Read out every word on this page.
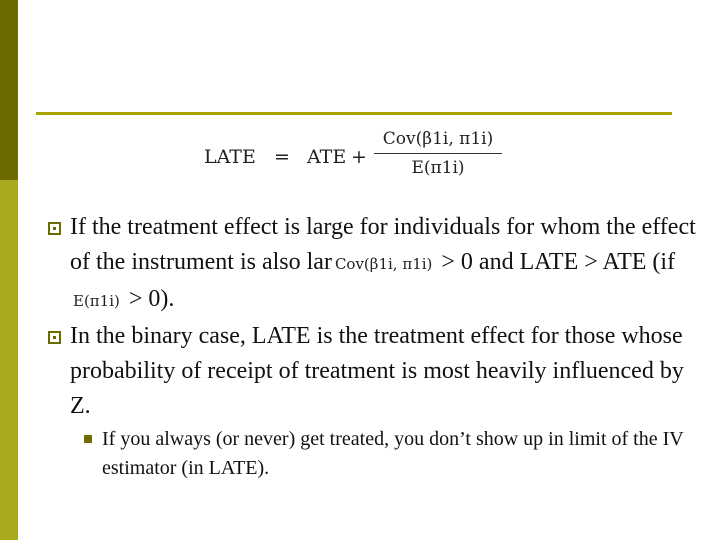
LATE = ATE +
Cov(β1i, π1i)
E(π1i)

If the treatment effect is large for individuals for whom the effect of the instrument is also lar Cov(β1i, π1i) > 0 and LATE > ATE (if E(π1i) > 0).

In the binary case, LATE is the treatment effect for those whose probability of receipt of treatment is most heavily influenced by Z.

If you always (or never) get treated, you don’t show up in limit of the IV estimator (in LATE).
